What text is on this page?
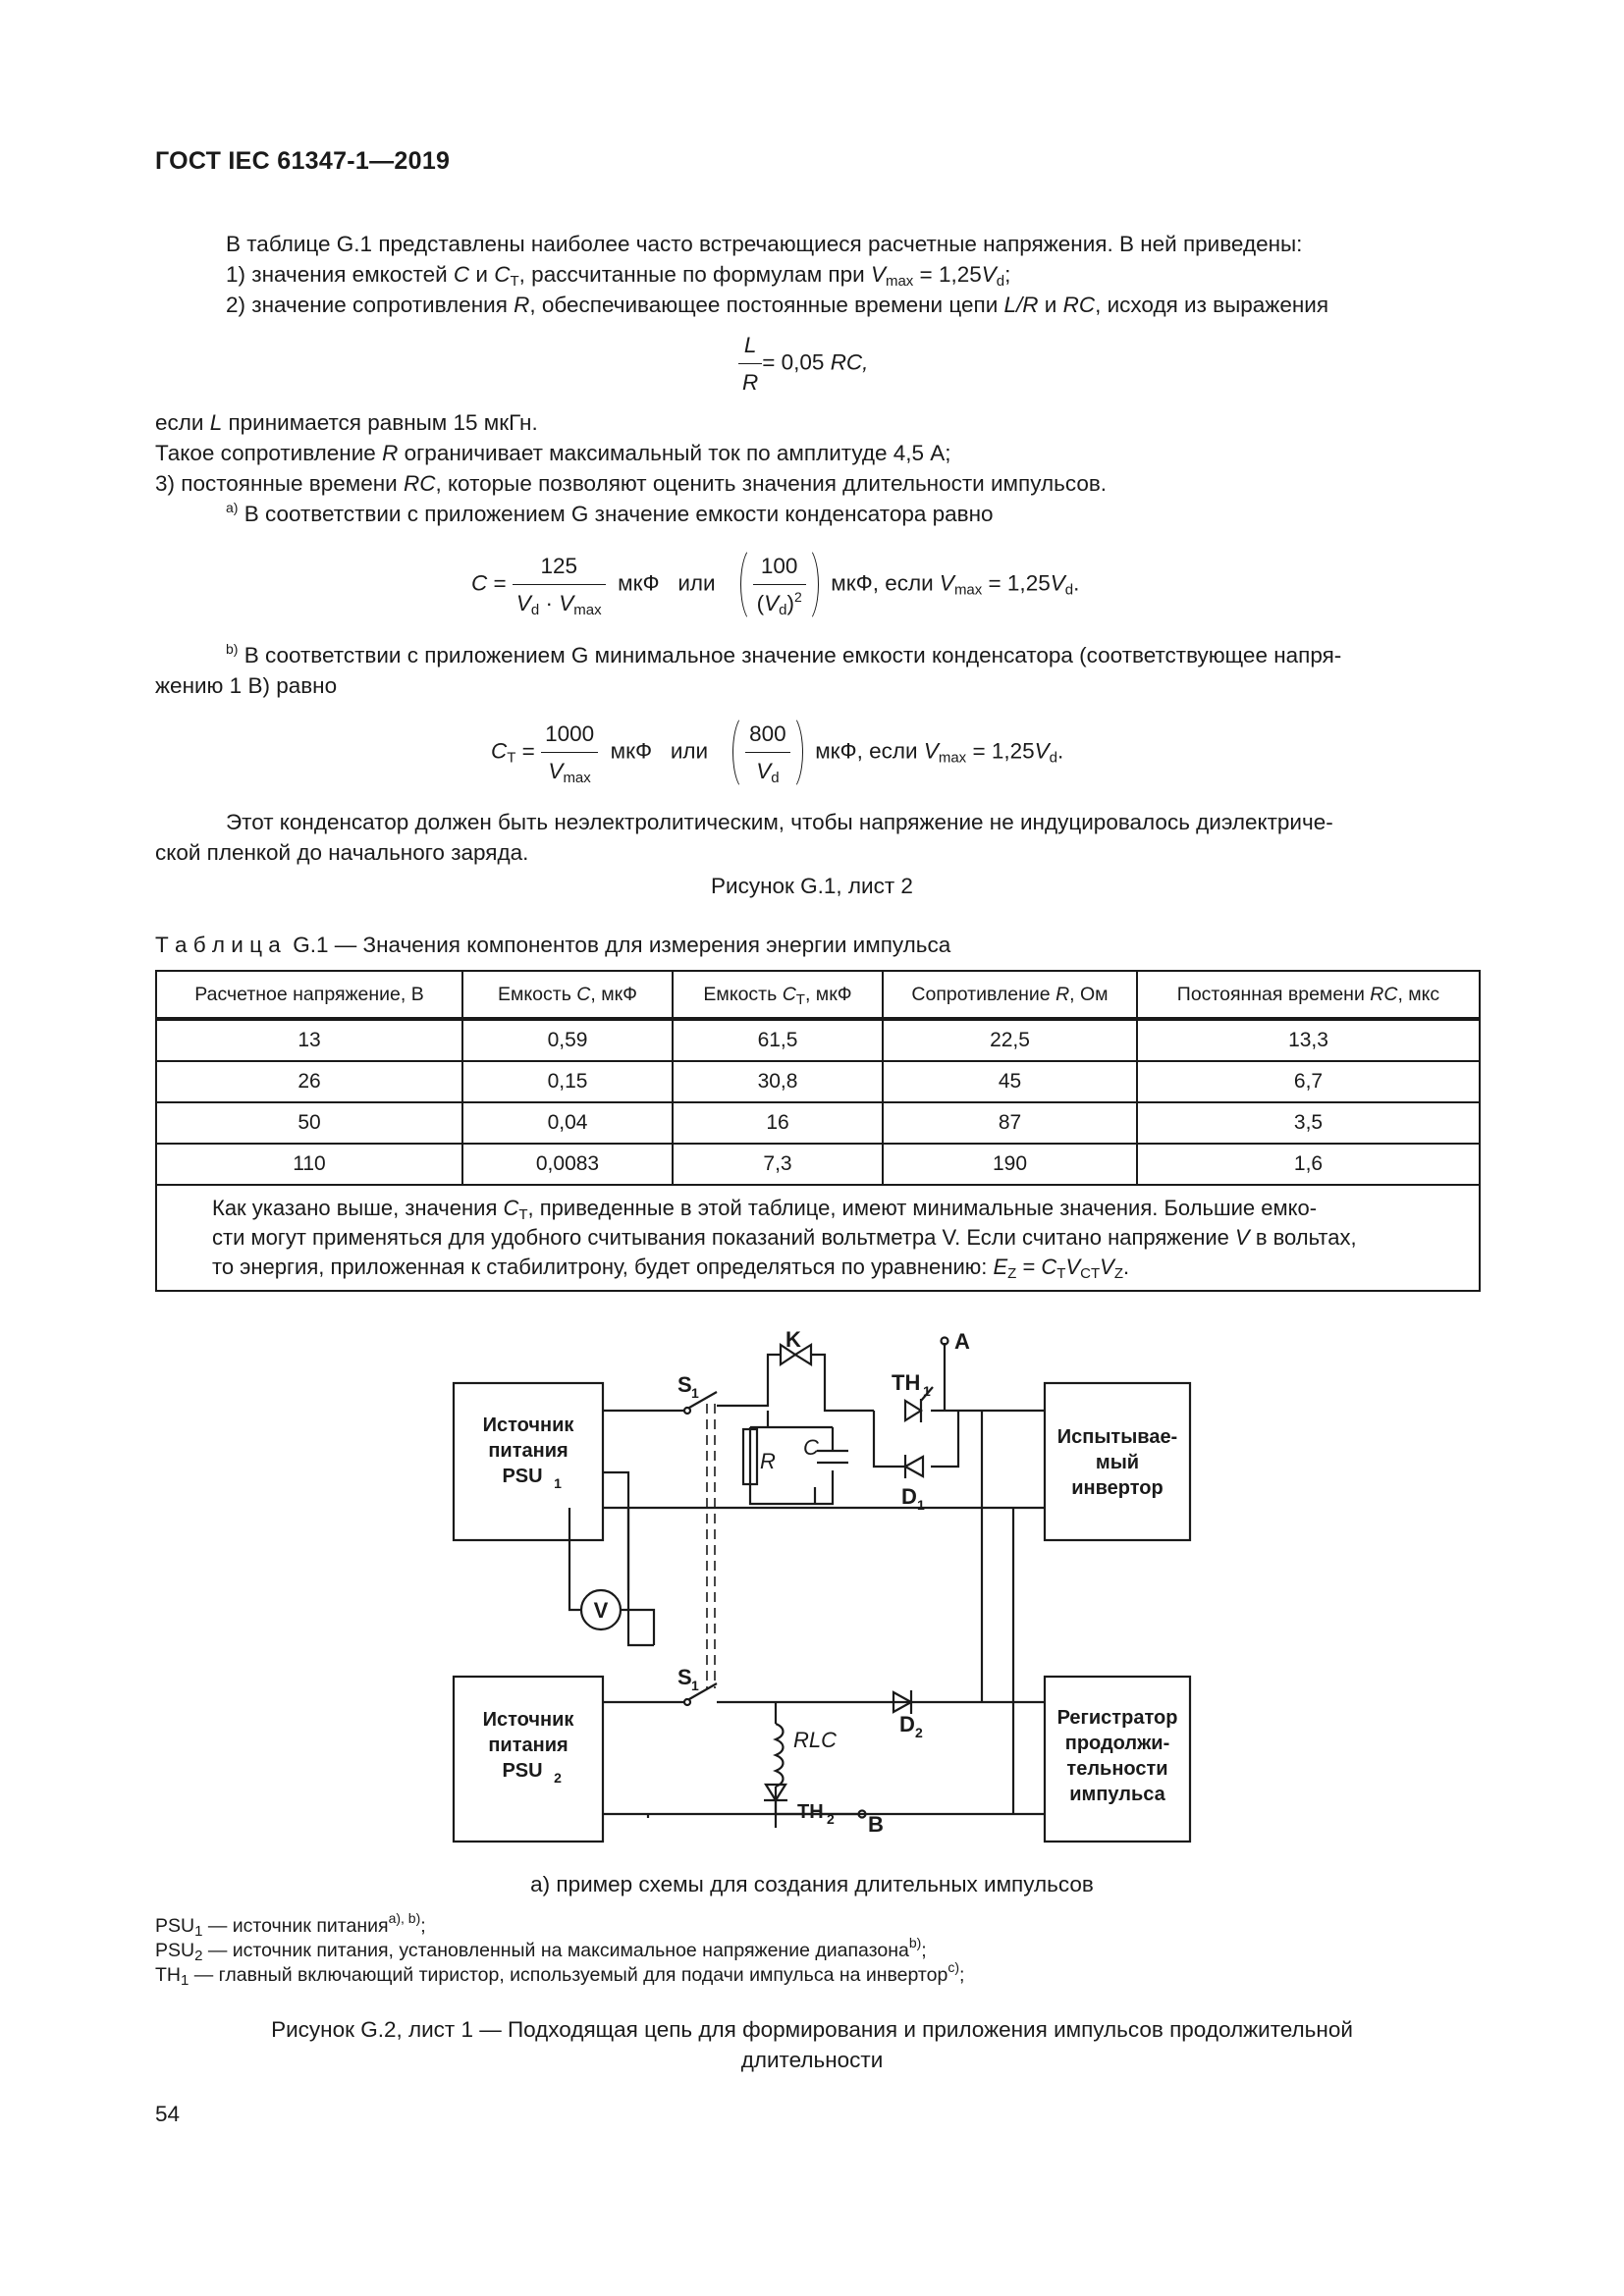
ГОСТ IEC 61347-1—2019
В таблице G.1 представлены наиболее часто встречающиеся расчетные напряжения. В ней приведены:
1) значения емкостей C и $C_T$, рассчитанные по формулам при $V_{max} = 1,25V_d$;
2) значение сопротивления R, обеспечивающее постоянные времени цепи L/R и RC, исходя из выражения
$\frac{L}{R} = 0,05$ RC,
если L принимается равным 15 мкГн.
Такое сопротивление R ограничивает максимальный ток по амплитуде 4,5 А;
3) постоянные времени RC, которые позволяют оценить значения длительности импульсов.
$^{a)}$ В соответствии с приложением G значение емкости конденсатора равно
$C = \frac{125}{V_d \cdot V_{max}}$ мкФ или $\frac{100}{(V_d)^2}$ мкФ, если $V_{max} = 1,25V_d$.
$^{b)}$ В соответствии с приложением G минимальное значение емкости конденсатора (соответствующее напря-
жению 1 В) равно
$C_T = \frac{1000}{V_{max}}$ мкФ или $\frac{800}{V_d}$ мкФ, если $V_{max} = 1,25V_d$.
Этот конденсатор должен быть неэлектролитическим, чтобы напряжение не индуцировалось диэлектриче-
ской пленкой до начального заряда.
Рисунок G.1, лист 2
Т а б л и ц а G.1 — Значения компонентов для измерения энергии импульса
Расчетное напряжение, В	Емкость C, мкФ	Емкость $C_T$, мкФ	Сопротивление R, Ом	Постоянная времени RC, мкс
13	0,59	61,5	22,5	13,3
26	0,15	30,8	45	6,7
50	0,04	16	87	3,5
110	0,0083	7,3	190	1,6
Как указано выше, значения $C_T$, приведенные в этой таблице, имеют минимальные значения. Большие емко-
сти могут применяться для удобного считывания показаний вольтметра V. Если считано напряжение V в вольтах,
то энергия, приложенная к стабилитрону, будет определяться по уравнению: $E_Z = C_TV_{CT}V_Z$.				
Источник
питания
PSU 1
Источник
питания
PSU 2
Испытывае-
мый
инвертор
Регистратор
продолжи-
тельности
импульса
K	A
B
S 1
S 1
TH 1
D 1
D 2
TH 2
V
R
C
RLC
а) пример схемы для создания длительных импульсов
$PSU_1$ — источник питания$^{a), b)}$;
$PSU_2$ — источник питания, установленный на максимальное напряжение диапазона$^{b)}$;
$TH_1$ — главный включающий тиристор, используемый для подачи импульса на инвертор$^{c)}$;
Рисунок G.2, лист 1 — Подходящая цепь для формирования и приложения импульсов продолжительной
длительности
54
